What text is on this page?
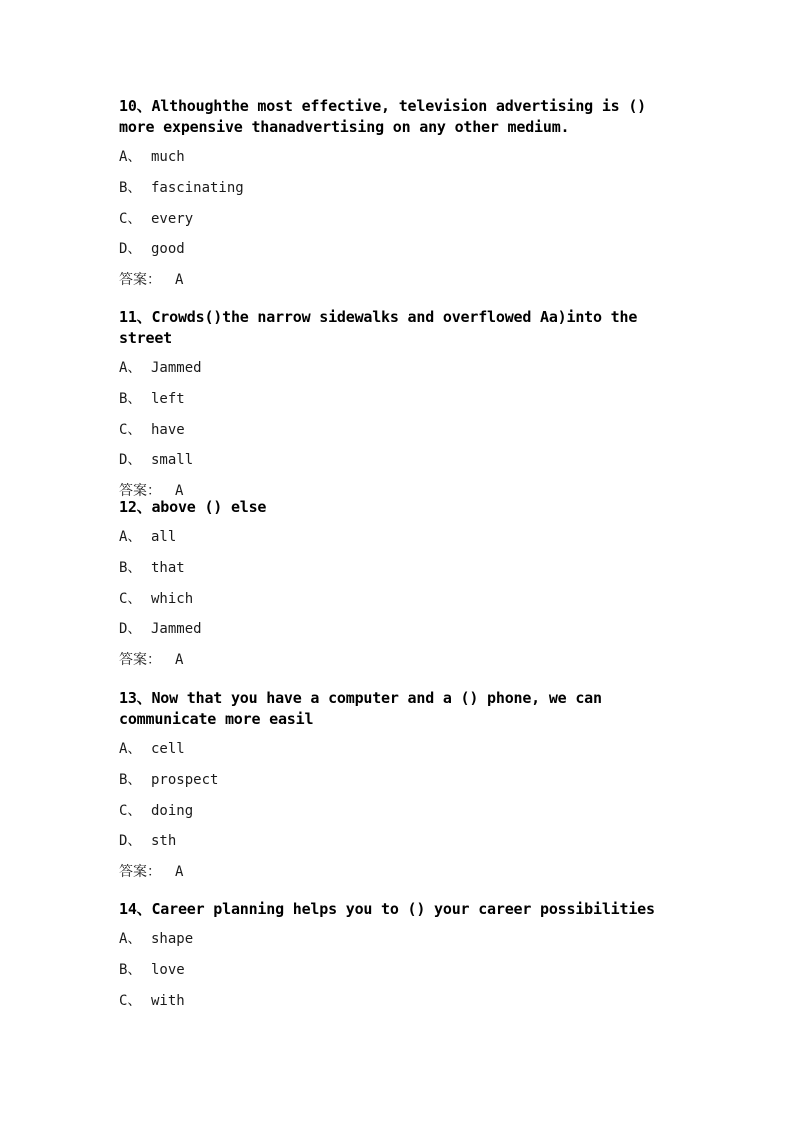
10、Althoughthe most effective, television advertising is () more expensive thanadvertising on any other medium.

A、 much
B、 fascinating
C、 every
D、 good
答案： A

11、Crowds()the narrow sidewalks and overflowed Aa)into the street

A、 Jammed
B、 left
C、 have
D、 small
答案： A

12、above () else

A、 all
B、 that
C、 which
D、 Jammed
答案： A

13、Now that you have a computer and a () phone, we can communicate more easil

A、 cell
B、 prospect
C、 doing
D、 sth
答案： A

14、Career planning helps you to () your career possibilities

A、 shape
B、 love
C、 with
